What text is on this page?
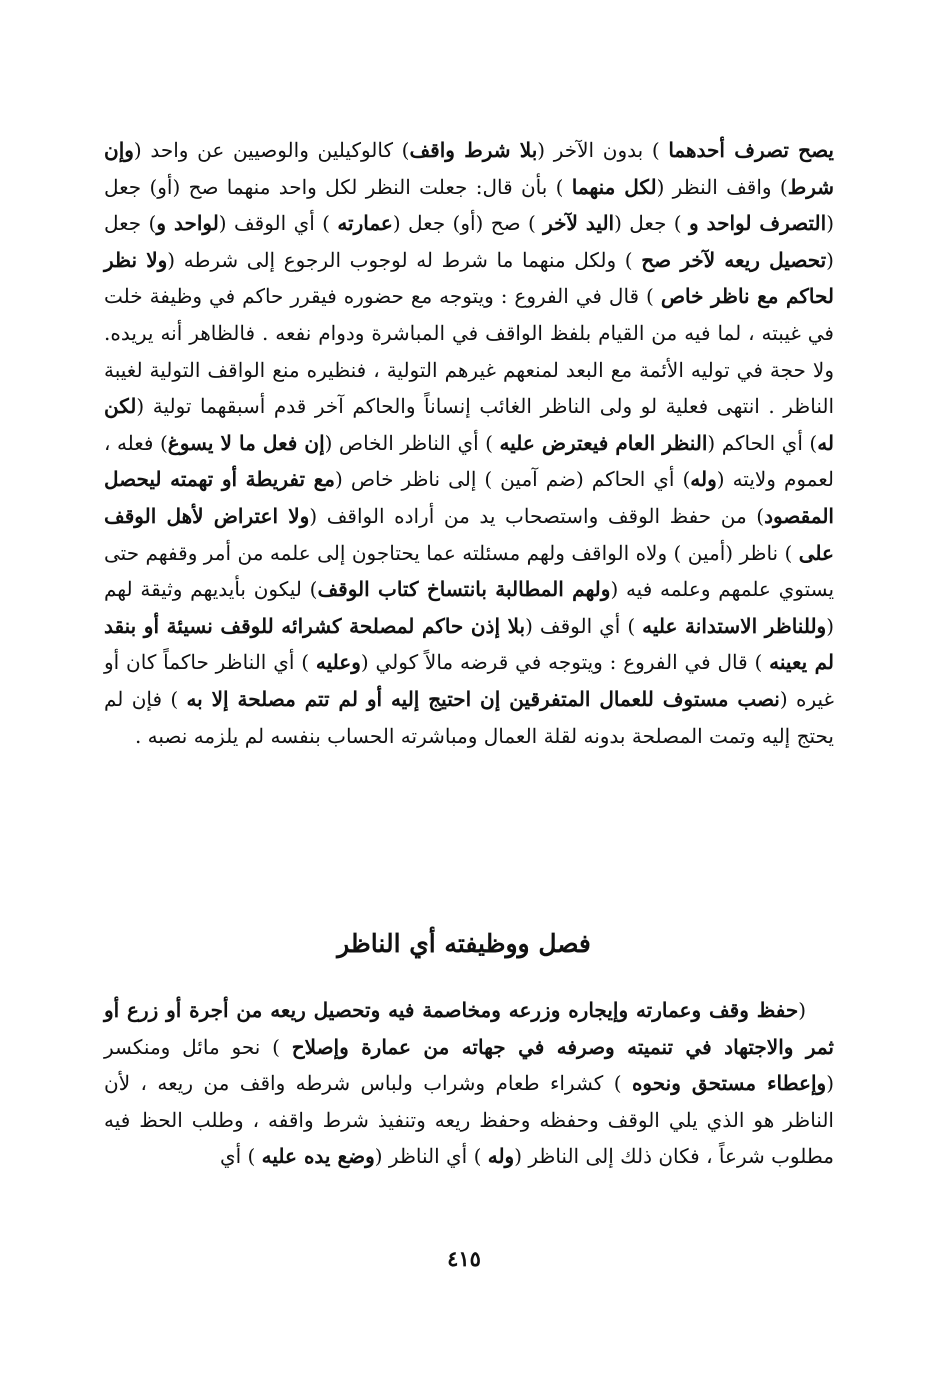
يصح تصرف أحدهما ) بدون الآخر (بلا شرط واقف) كالوكيلين والوصيين عن واحد (وإن شرط) واقف النظر (لكل منهما ) بأن قال: جعلت النظر لكل واحد منهما صح (أو) جعل (التصرف لواحد و ) جعل (اليد لآخر ) صح (أو) جعل (عمارته ) أي الوقف (لواحد و) جعل (تحصيل ريعه لآخر صح ) ولكل منهما ما شرط له لوجوب الرجوع إلى شرطه (ولا نظر لحاكم مع ناظر خاص ) قال في الفروع : ويتوجه مع حضوره فيقرر حاكم في وظيفة خلت في غيبته ، لما فيه من القيام بلفظ الواقف في المباشرة ودوام نفعه . فالظاهر أنه يريده. ولا حجة في توليه الأئمة مع البعد لمنعهم غيرهم التولية ، فنظيره منع الواقف التولية لغيبة الناظر . انتهى فعلية لو ولى الناظر الغائب إنساناً والحاكم آخر قدم أسبقهما تولية (لكن له) أي الحاكم (النظر العام فيعترض عليه ) أي الناظر الخاص (إن فعل ما لا يسوغ) فعله ، لعموم ولايته (وله) أي الحاكم (ضم آمين ) إلى ناظر خاص (مع تفريطة أو تهمته ليحصل المقصود) من حفظ الوقف واستصحاب يد من أراده الواقف (ولا اعتراض لأهل الوقف على ) ناظر (أمين ) ولاه الواقف ولهم مسئلته عما يحتاجون إلى علمه من أمر وقفهم حتى يستوي علمهم وعلمه فيه (ولهم المطالبة بانتساخ كتاب الوقف) ليكون بأيديهم وثيقة لهم (وللناظر الاستدانة عليه ) أي الوقف (بلا إذن حاكم لمصلحة كشرائه للوقف نسيئة أو بنقد لم يعينه ) قال في الفروع : ويتوجه في قرضه مالاً كولي (وعليه ) أي الناظر حاكماً كان أو غيره (نصب مستوف للعمال المتفرقين إن احتيج إليه أو لم تتم مصلحة إلا به ) فإن لم يحتج إليه وتمت المصلحة بدونه لقلة العمال ومباشرته الحساب بنفسه لم يلزمه نصبه .

فصل ووظيفته أي الناظر

(حفظ وقف وعمارته وإيجاره وزرعه ومخاصمة فيه وتحصيل ريعه من أجرة أو زرع أو ثمر والاجتهاد في تنميته وصرفه في جهاته من عمارة وإصلاح ) نحو مائل ومنكسر (وإعطاء مستحق ونحوه ) كشراء طعام وشراب ولباس شرطه واقف من ريعه ، لأن الناظر هو الذي يلي الوقف وحفظه وحفظ ريعه وتنفيذ شرط واقفه ، وطلب الحظ فيه مطلوب شرعاً ، فكان ذلك إلى الناظر (وله ) أي الناظر (وضع يده عليه ) أي

٤١٥
